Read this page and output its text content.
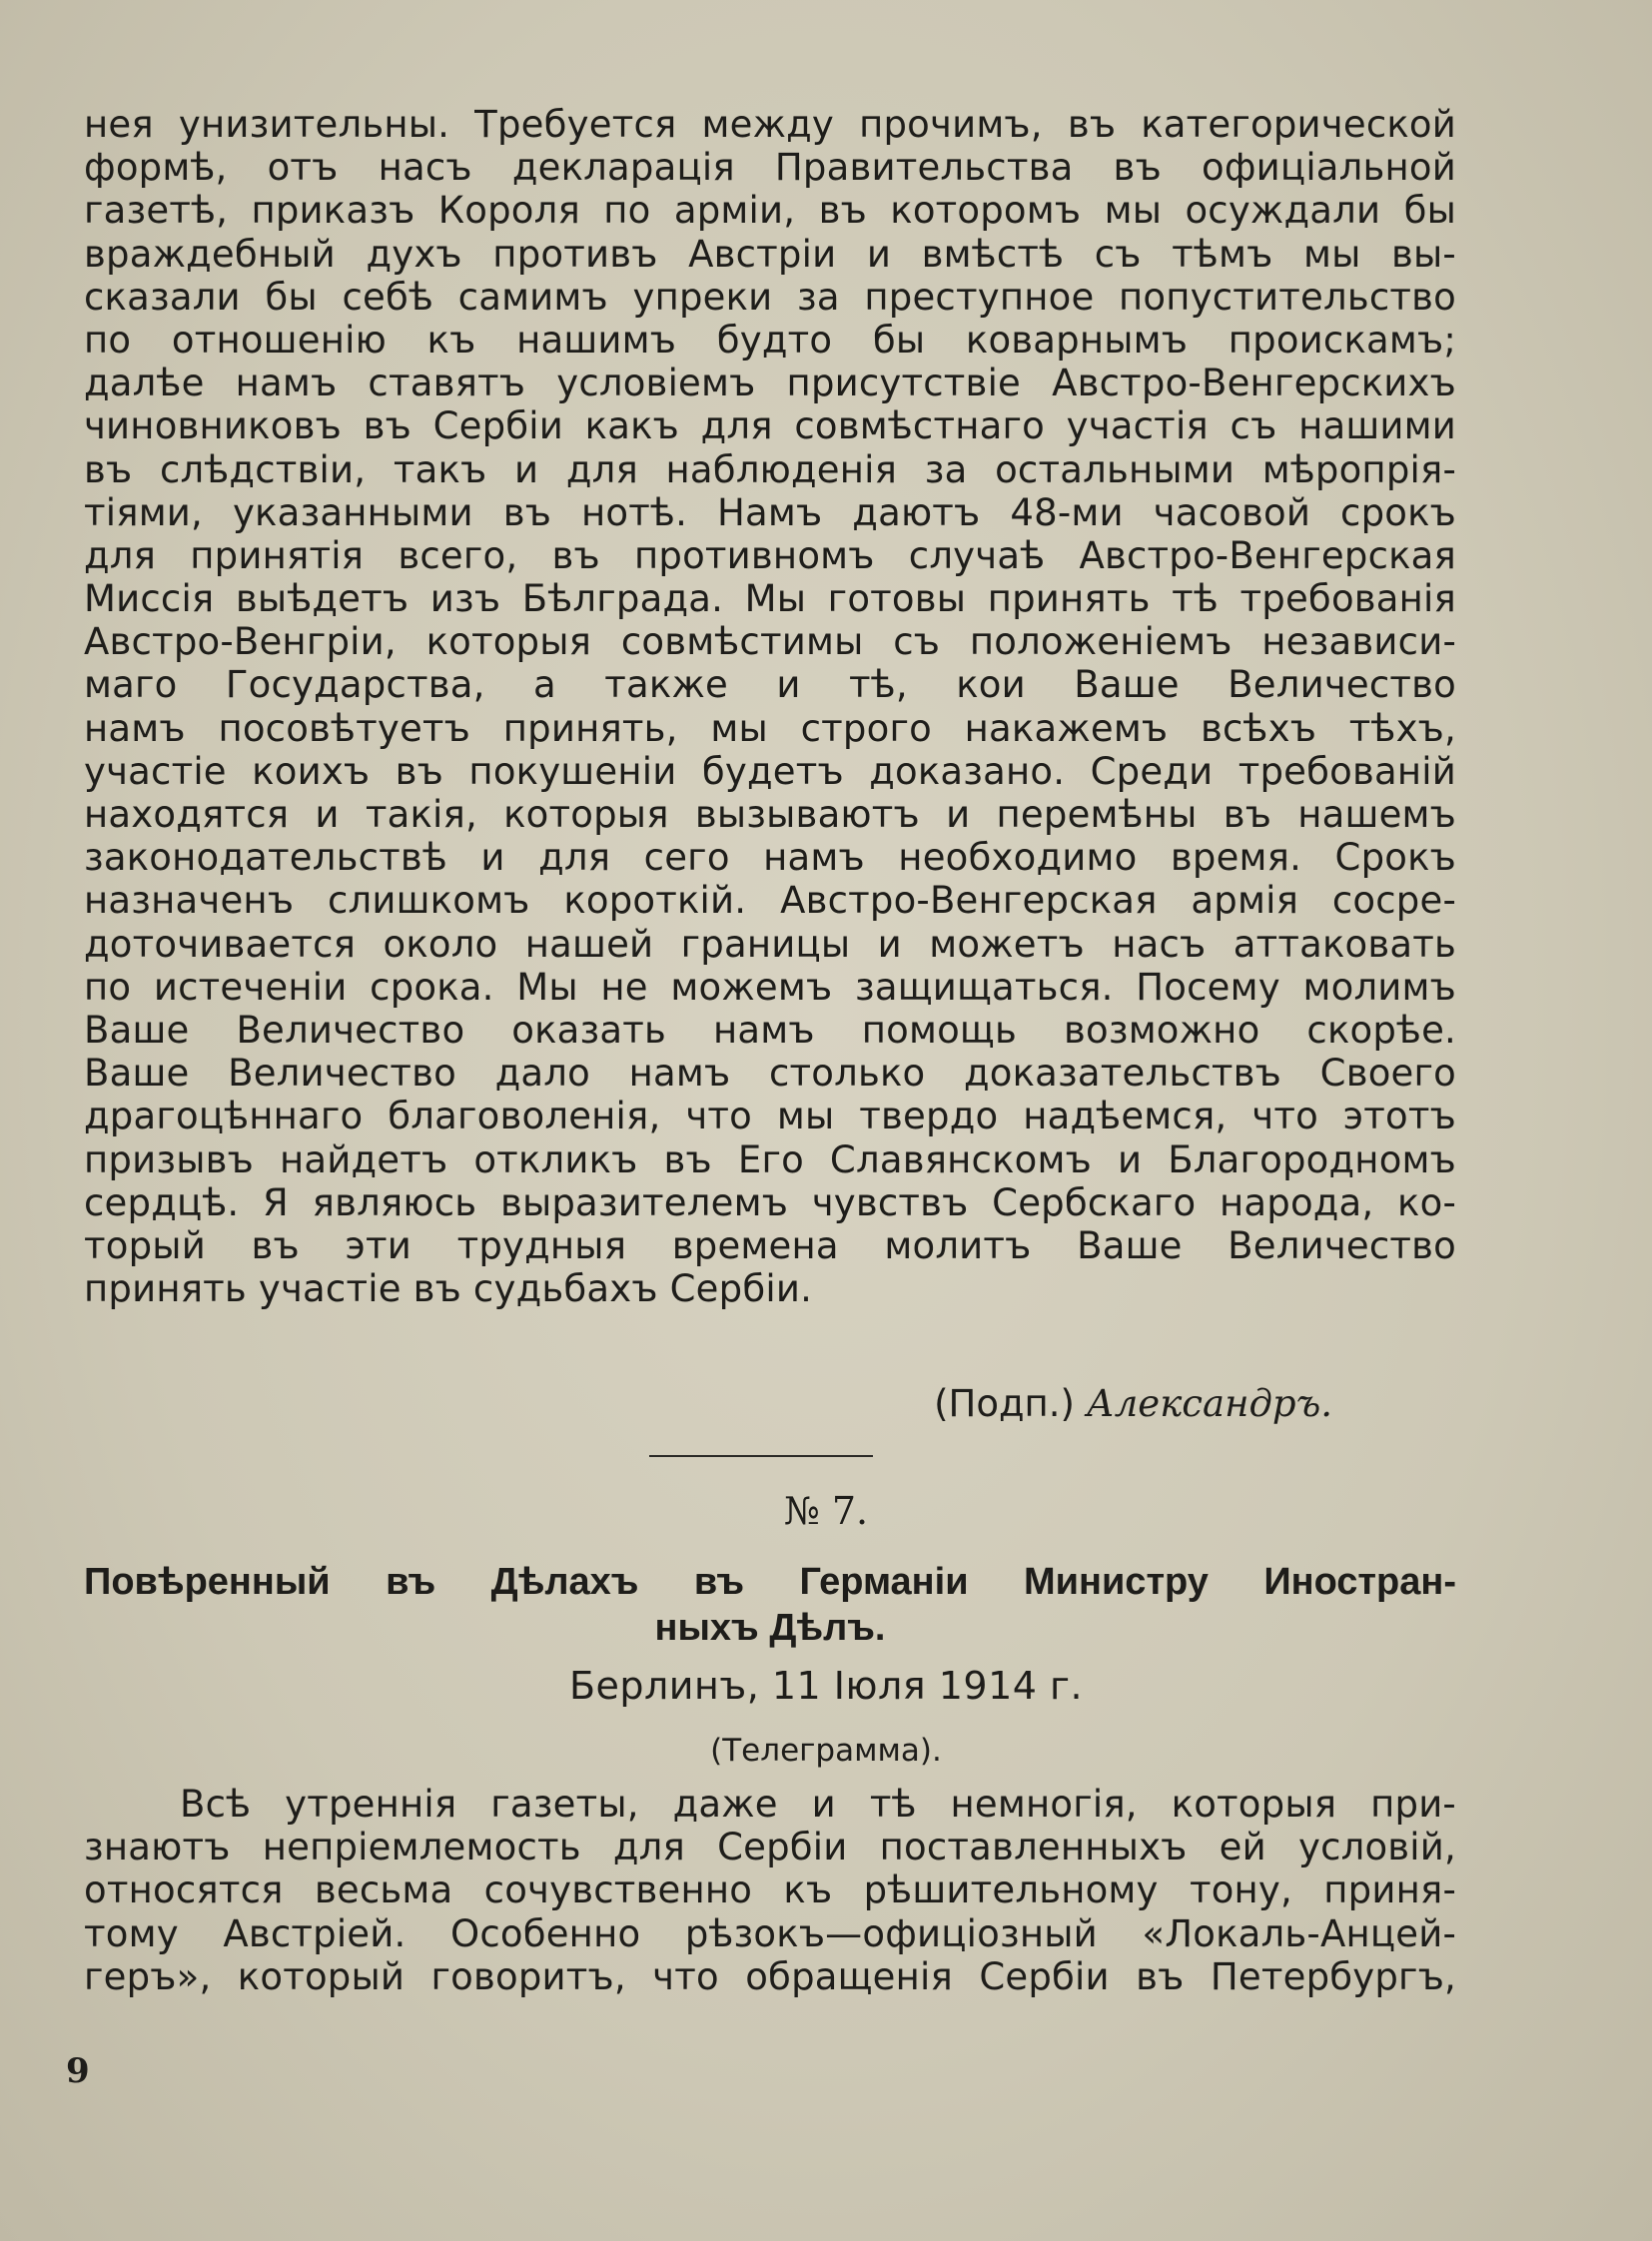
нея унизительны. Требуется между прочимъ, въ категорической
формѣ, отъ насъ декларація Правительства въ офиціальной
газетѣ, приказъ Короля по арміи, въ которомъ мы осуждали бы
враждебный духъ противъ Австріи и вмѣстѣ съ тѣмъ мы вы-
сказали бы себѣ самимъ упреки за преступное попустительство
по отношенію къ нашимъ будто бы коварнымъ проискамъ;
далѣе намъ ставятъ условіемъ присутствіе Австро-Венгерскихъ
чиновниковъ въ Сербіи какъ для совмѣстнаго участія съ нашими
въ слѣдствіи, такъ и для наблюденія за остальными мѣропрія-
тіями, указанными въ нотѣ. Намъ даютъ 48-ми часовой срокъ
для принятія всего, въ противномъ случаѣ Австро-Венгерская
Миссія выѣдетъ изъ Бѣлграда. Мы готовы принять тѣ требованія
Австро-Венгріи, которыя совмѣстимы съ положеніемъ независи-
маго Государства, а также и тѣ, кои Ваше Величество
намъ посовѣтуетъ принять, мы строго накажемъ всѣхъ тѣхъ,
участіе коихъ въ покушеніи будетъ доказано. Среди требованій
находятся и такія, которыя вызываютъ и перемѣны въ нашемъ
законодательствѣ и для сего намъ необходимо время. Срокъ
назначенъ слишкомъ короткій. Австро-Венгерская армія сосре-
доточивается около нашей границы и можетъ насъ аттаковать
по истеченіи срока. Мы не можемъ защищаться. Посему молимъ
Ваше Величество оказать намъ помощь возможно скорѣе.
Ваше Величество дало намъ столько доказательствъ Своего
драгоцѣннаго благоволенія, что мы твердо надѣемся, что этотъ
призывъ найдетъ откликъ въ Его Славянскомъ и Благородномъ
сердцѣ. Я являюсь выразителемъ чувствъ Сербскаго народа, ко-
торый въ эти трудныя времена молитъ Ваше Величество
принять участіе въ судьбахъ Сербіи.
(Подп.) Александръ.
№ 7.
Повѣренный въ Дѣлахъ въ Германіи Министру Иностран-
ныхъ Дѣлъ.
Берлинъ, 11 Іюля 1914 г.
(Телеграмма).
Всѣ утреннія газеты, даже и тѣ немногія, которыя при-
знаютъ непріемлемость для Сербіи поставленныхъ ей условій,
относятся весьма сочувственно къ рѣшительному тону, приня-
тому Австріей. Особенно рѣзокъ—офиціозный «Локаль-Анцей-
геръ», который говоритъ, что обращенія Сербіи въ Петербургъ,
9
